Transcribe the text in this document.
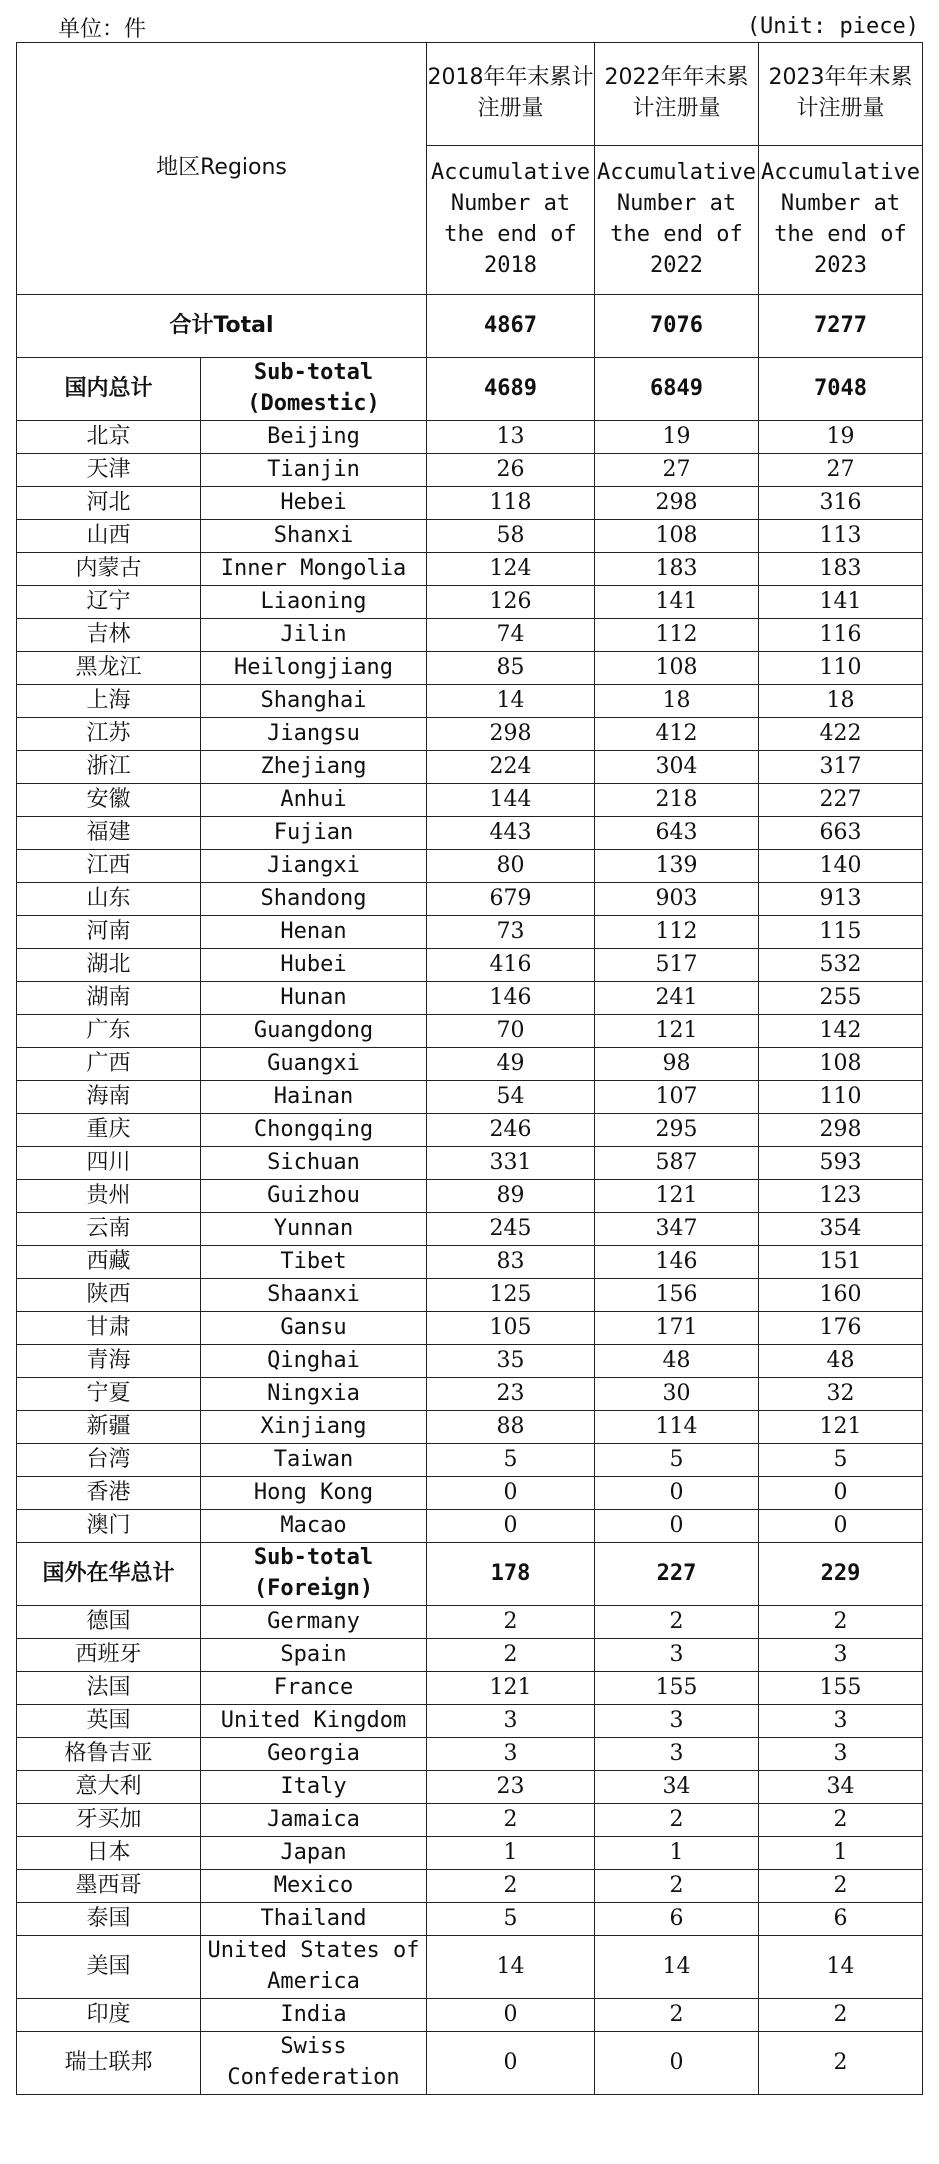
单位：件	(Unit: piece)
地区Regions		2018年年末累计注册量	2022年年末累计注册量	2023年年末累计注册量
		Accumulative Number at the end of 2018	Accumulative Number at the end of 2022	Accumulative Number at the end of 2023
合计Total		4867	7076	7277
国内总计	Sub-total (Domestic)	4689	6849	7048
北京	Beijing	13	19	19
天津	Tianjin	26	27	27
河北	Hebei	118	298	316
山西	Shanxi	58	108	113
内蒙古	Inner Mongolia	124	183	183
辽宁	Liaoning	126	141	141
吉林	Jilin	74	112	116
黑龙江	Heilongjiang	85	108	110
上海	Shanghai	14	18	18
江苏	Jiangsu	298	412	422
浙江	Zhejiang	224	304	317
安徽	Anhui	144	218	227
福建	Fujian	443	643	663
江西	Jiangxi	80	139	140
山东	Shandong	679	903	913
河南	Henan	73	112	115
湖北	Hubei	416	517	532
湖南	Hunan	146	241	255
广东	Guangdong	70	121	142
广西	Guangxi	49	98	108
海南	Hainan	54	107	110
重庆	Chongqing	246	295	298
四川	Sichuan	331	587	593
贵州	Guizhou	89	121	123
云南	Yunnan	245	347	354
西藏	Tibet	83	146	151
陕西	Shaanxi	125	156	160
甘肃	Gansu	105	171	176
青海	Qinghai	35	48	48
宁夏	Ningxia	23	30	32
新疆	Xinjiang	88	114	121
台湾	Taiwan	5	5	5
香港	Hong Kong	0	0	0
澳门	Macao	0	0	0
国外在华总计	Sub-total (Foreign)	178	227	229
德国	Germany	2	2	2
西班牙	Spain	2	3	3
法国	France	121	155	155
英国	United Kingdom	3	3	3
格鲁吉亚	Georgia	3	3	3
意大利	Italy	23	34	34
牙买加	Jamaica	2	2	2
日本	Japan	1	1	1
墨西哥	Mexico	2	2	2
泰国	Thailand	5	6	6
美国	United States of America	14	14	14
印度	India	0	2	2
瑞士联邦	Swiss Confederation	0	0	2
